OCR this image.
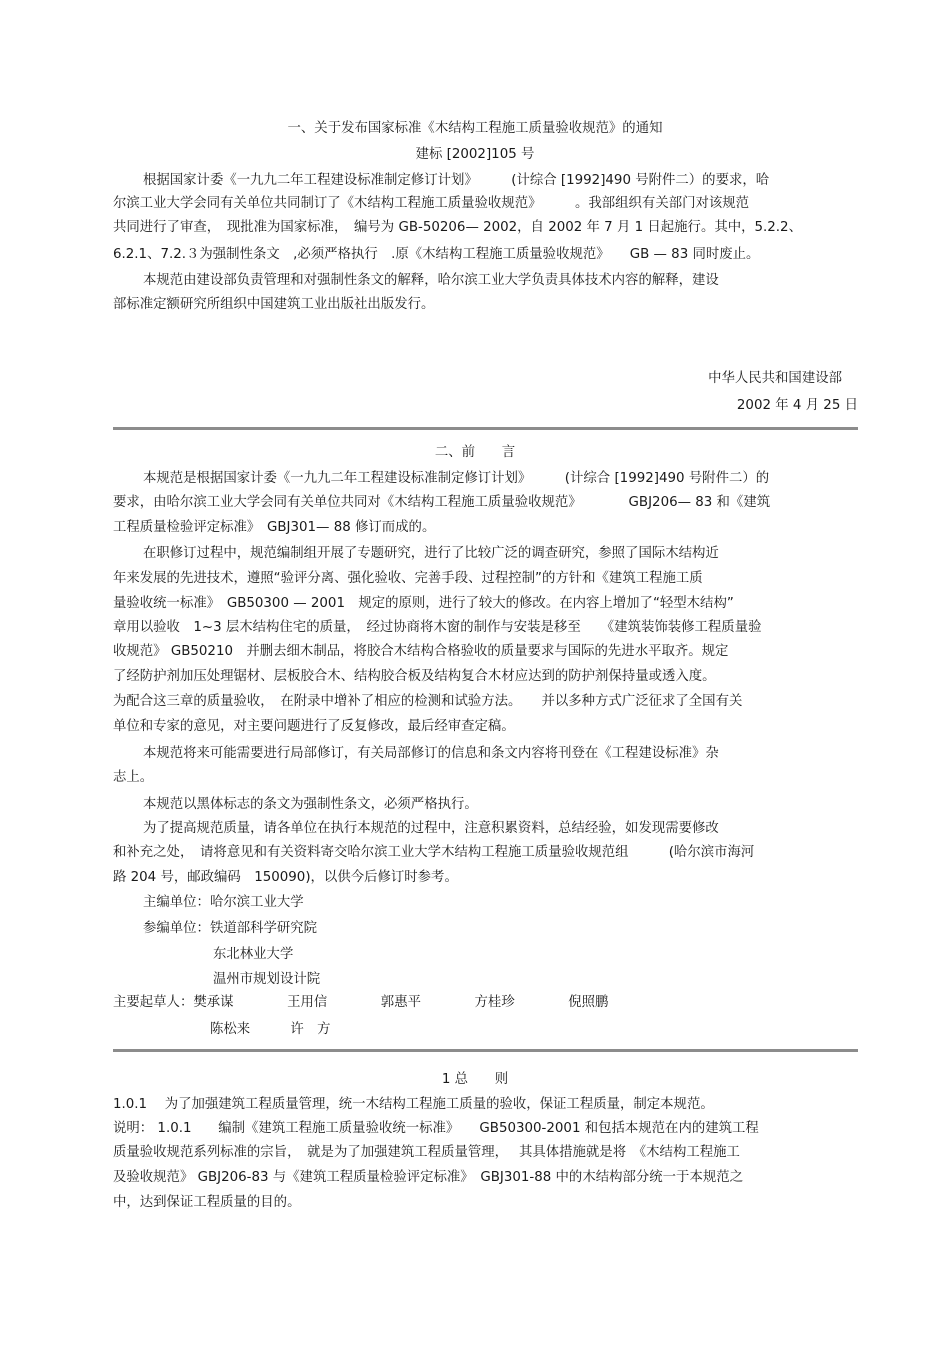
一、关于发布国家标准《木结构工程施工质量验收规范》的通知
建标 [2002]105 号
根据国家计委《一九九二年工程建设标准制定修订计划》　　　(计综合 [1992]490 号附件二）的要求，哈
尔滨工业大学会同有关单位共同制订了《木结构工程施工质量验收规范》　　　。我部组织有关部门对该规范
共同进行了审查，　现批准为国家标准，　编号为 GB-50206— 2002，自 2002 年 7 月 1 日起施行。其中，5.2.2、
6.2.1、7.2.３为强制性条文　,必须严格执行　.原《木结构工程施工质量验收规范》　　GB — 83 同时废止。
本规范由建设部负责管理和对强制性条文的解释，哈尔滨工业大学负责具体技术内容的解释，建设
部标准定额研究所组织中国建筑工业出版社出版发行。
中华人民共和国建设部
2002 年 4 月 25 日
二、前　　言
本规范是根据国家计委《一九九二年工程建设标准制定修订计划》　　　(计综合 [1992]490 号附件二）的
要求，由哈尔滨工业大学会同有关单位共同对《木结构工程施工质量验收规范》　　　　GBJ206— 83 和《建筑
工程质量检验评定标准》　GBJ301— 88 修订而成的。
在职修订过程中，规范编制组开展了专题研究，进行了比较广泛的调查研究，参照了国际木结构近
年来发展的先进技术，遵照“验评分离、强化验收、完善手段、过程控制”的方针和《建筑工程施工质
量验收统一标准》　GB50300 — 2001　规定的原则，进行了较大的修改。在内容上增加了“轻型木结构”
章用以验收　1~3 层木结构住宅的质量，　经过协商将木窗的制作与安装是移至　　《建筑装饰装修工程质量验
收规范》 GB50210　并删去细木制品，将胶合木结构合格验收的质量要求与国际的先进水平取齐。规定
了经防护剂加压处理锯材、层板胶合木、结构胶合板及结构复合木材应达到的防护剂保持量或透入度。
为配合这三章的质量验收，　在附录中增补了相应的检测和试验方法。　　并以多种方式广泛征求了全国有关
单位和专家的意见，对主要问题进行了反复修改，最后经审查定稿。
本规范将来可能需要进行局部修订，有关局部修订的信息和条文内容将刊登在《工程建设标准》杂
志上。
本规范以黑体标志的条文为强制性条文，必须严格执行。
为了提高规范质量，请各单位在执行本规范的过程中，注意积累资料，总结经验，如发现需要修改
和补充之处，　请将意见和有关资料寄交哈尔滨工业大学木结构工程施工质量验收规范组　　　(哈尔滨市海河
路 204 号，邮政编码　150090)，以供今后修订时参考。
主编单位：哈尔滨工业大学
参编单位：铁道部科学研究院
东北林业大学
温州市规划设计院
主要起草人：樊承谋　　　　王用信　　　　郭惠平　　　　方桂珍　　　　倪照鹏
陈松来　　　许　方
1 总　　则
1.0.1　 为了加强建筑工程质量管理，统一木结构工程施工质量的验收，保证工程质量，制定本规范。
说明： 1.0.1　　编制《建筑工程施工质量验收统一标准》　　GB50300-2001 和包括本规范在内的建筑工程
质量验收规范系列标准的宗旨，　就是为了加强建筑工程质量管理，　 其具体措施就是将　《木结构工程施工
及验收规范》 GBJ206-83 与《建筑工程质量检验评定标准》　GBJ301-88 中的木结构部分统一于本规范之
中，达到保证工程质量的目的。
